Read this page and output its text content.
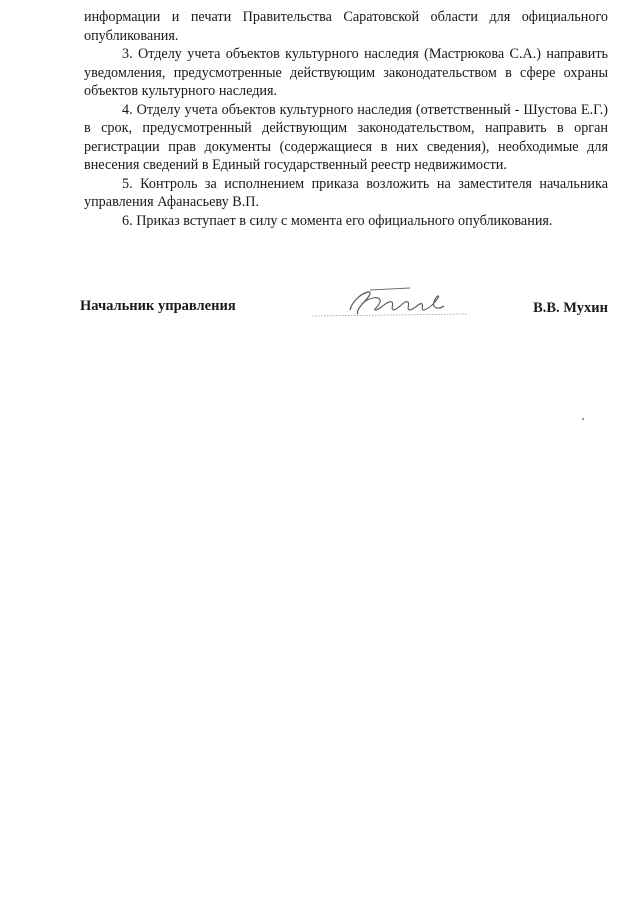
информации и печати Правительства Саратовской области для официального опубликования.

3. Отделу учета объектов культурного наследия (Мастрюкова С.А.) направить уведомления, предусмотренные действующим законодательством в сфере охраны объектов культурного наследия.

4. Отделу учета объектов культурного наследия (ответственный - Шустова Е.Г.) в срок, предусмотренный действующим законодательством, направить в орган регистрации прав документы (содержащиеся в них сведения), необходимые для внесения сведений в Единый государственный реестр недвижимости.

5. Контроль за исполнением приказа возложить на заместителя начальника управления Афанасьеву В.П.

6. Приказ вступает в силу с момента его официального опубликования.

Начальник управления	В.В. Мухин
